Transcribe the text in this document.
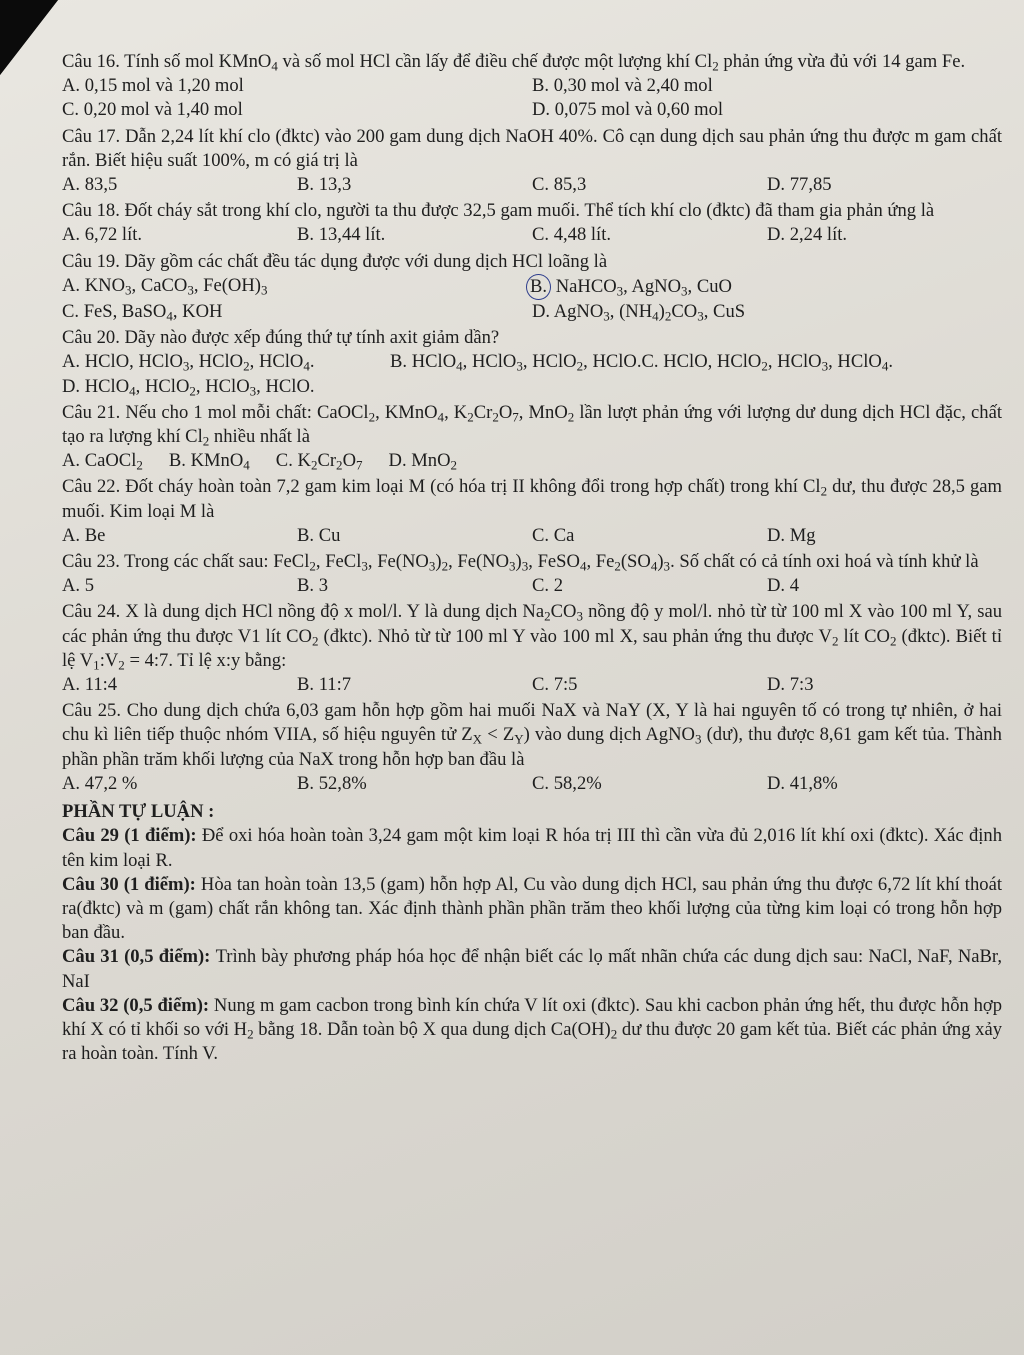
Câu 16. Tính số mol KMnO$_4$ và số mol HCl cần lấy để điều chế được một lượng khí $Cl_2$ phản ứng vừa đủ với 14 gam Fe.
A. 0,15 mol và 1,20 mol	B. 0,30 mol và 2,40 mol
C. 0,20 mol và 1,40 mol	D. 0,075 mol và 0,60 mol
Câu 17. Dẫn 2,24 lít khí clo (đktc) vào 200 gam dung dịch NaOH 40%. Cô cạn dung dịch sau phản ứng thu được m gam chất rắn. Biết hiệu suất 100%, m có giá trị là
A. 83,5	B. 13,3	C. 85,3	D. 77,85
Câu 18. Đốt cháy sắt trong khí clo, người ta thu được 32,5 gam muối. Thể tích khí clo (đktc) đã tham gia phản ứng là
A. 6,72 lít.	B. 13,44 lít.	C. 4,48 lít.	D. 2,24 lít.
Câu 19. Dãy gồm các chất đều tác dụng được với dung dịch HCl loãng là
A. $KNO_3$, CaCO$_3$, $Fe(OH)_3$	B. NaHCO$_3$, AgNO$_3$, CuO
C. FeS, BaSO$_4$, KOH	D. AgNO$_3$, $(NH_4)_2CO_3$, CuS
Câu 20. Dãy nào được xếp đúng thứ tự tính axit giảm dần?
A. HClO, HClO$_3$, HClO$_2$, HClO$_4$.	B. HClO$_4$, HClO$_3$, HClO$_2$, HClO. C. HClO, HClO$_2$, HClO$_3$, HClO$_4$.
D. HClO$_4$, HClO$_2$, HClO$_3$, HClO.
Câu 21. Nếu cho 1 mol mỗi chất: CaOCl$_2$, KMnO$_4$, $K_2Cr_2O_7$, MnO$_2$ lần lượt phản ứng với lượng dư dung dịch HCl đặc, chất tạo ra lượng khí $Cl_2$ nhiều nhất là
A. CaOCl$_2$ B. KMnO$_4$ C. $K_2Cr_2O_7$ D. MnO$_2$
Câu 22. Đốt cháy hoàn toàn 7,2 gam kim loại M (có hóa trị II không đổi trong hợp chất) trong khí $Cl_2$ dư, thu được 28,5 gam muối. Kim loại M là
A. Be	B. Cu	C. Ca	D. Mg
Câu 23. Trong các chất sau: FeCl$_2$, FeCl$_3$, $Fe(NO_3)_2$, $Fe(NO_3)_3$, FeSO$_4$, $Fe_2(SO_4)_3$. Số chất có cả tính oxi hoá và tính khử là
A. 5	B. 3	C. 2	D. 4
Câu 24. X là dung dịch HCl nồng độ x mol/l. Y là dung dịch $Na_2CO_3$ nồng độ y mol/l. nhỏ từ từ 100 ml X vào 100 ml Y, sau các phản ứng thu được V1 lít $CO_2$ (đktc). Nhỏ từ từ 100 ml Y vào 100 ml X, sau phản ứng thu được $V_2$ lít $CO_2$ (đktc). Biết tỉ lệ $V_1:V_2$ = 4:7. Tỉ lệ x:y bằng:
A. 11:4	B. 11:7	C. 7:5	D. 7:3
Câu 25. Cho dung dịch chứa 6,03 gam hỗn hợp gồm hai muối NaX và NaY (X, Y là hai nguyên tố có trong tự nhiên, ở hai chu kì liên tiếp thuộc nhóm VIIA, số hiệu nguyên tử $Z_X < Z_Y$) vào dung dịch AgNO$_3$ (dư), thu được 8,61 gam kết tủa. Thành phần phần trăm khối lượng của NaX trong hỗn hợp ban đầu là
A. 47,2 %	B. 52,8%	C. 58,2%	D. 41,8%
PHẦN TỰ LUẬN :
Câu 29 (1 điểm): Để oxi hóa hoàn toàn 3,24 gam một kim loại R hóa trị III thì cần vừa đủ 2,016 lít khí oxi (đktc). Xác định tên kim loại R.
Câu 30 (1 điểm): Hòa tan hoàn toàn 13,5 (gam) hỗn hợp Al, Cu vào dung dịch HCl, sau phản ứng thu được 6,72 lít khí thoát ra(đktc) và m (gam) chất rắn không tan. Xác định thành phần phần trăm theo khối lượng của từng kim loại có trong hỗn hợp ban đầu.
Câu 31 (0,5 điểm): Trình bày phương pháp hóa học để nhận biết các lọ mất nhãn chứa các dung dịch sau: NaCl, NaF, NaBr, NaI
Câu 32 (0,5 điểm): Nung m gam cacbon trong bình kín chứa V lít oxi (đktc). Sau khi cacbon phản ứng hết, thu được hỗn hợp khí X có tỉ khối so với $H_2$ bằng 18. Dẫn toàn bộ X qua dung dịch $Ca(OH)_2$ dư thu được 20 gam kết tủa. Biết các phản ứng xảy ra hoàn toàn. Tính V.
